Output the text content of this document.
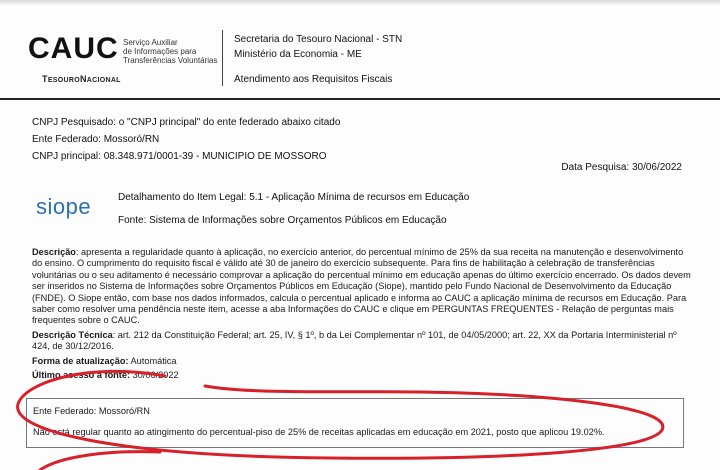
CAUC Serviço Auxiliar
de Informações para
Transferências Voluntárias
TESOURONACIONAL
Secretaria do Tesouro Nacional - STN
Ministério da Economia - ME
Atendimento aos Requisitos Fiscais
CNPJ Pesquisado: o "CNPJ principal" do ente federado abaixo citado
Ente Federado: Mossoró/RN
CNPJ principal: 08.348.971/0001-39 - MUNICIPIO DE MOSSORO
Data Pesquisa: 30/06/2022
siope	Detalhamento do Item Legal: 5.1 - Aplicação Mínima de recursos em Educação
Fonte: Sistema de Informações sobre Orçamentos Públicos em Educação

Descrição: apresenta a regularidade quanto à aplicação, no exercício anterior, do percentual mínimo de 25% da sua receita na manutenção e desenvolvimento do ensino. O cumprimento do requisito fiscal é válido até 30 de janeiro do exercício subsequente. Para fins de habilitação à celebração de transferências voluntárias ou o seu aditamento é necessário comprovar a aplicação do percentual mínimo em educação apenas do último exercício encerrado. Os dados devem ser inseridos no Sistema de Informações sobre Orçamentos Públicos em Educação (Siope), mantido pelo Fundo Nacional de Desenvolvimento da Educação (FNDE). O Siope então, com base nos dados informados, calcula o percentual aplicado e informa ao CAUC a aplicação mínima de recursos em Educação. Para saber como resolver uma pendência neste item, acesse a aba Informações do CAUC e clique em PERGUNTAS FREQUENTES - Relação de perguntas mais frequentes sobre o CAUC.

Descrição Técnica: art. 212 da Constituição Federal; art. 25, IV, § 1º, b da Lei Complementar nº 101, de 04/05/2000; art. 22, XX da Portaria Interministerial nº 424, de 30/12/2016.

Forma de atualização: Automática

Último acesso à fonte: 30/06/2022

Ente Federado: Mossoró/RN
Não está regular quanto ao atingimento do percentual-piso de 25% de receitas aplicadas em educação em 2021, posto que aplicou 19.02%.
